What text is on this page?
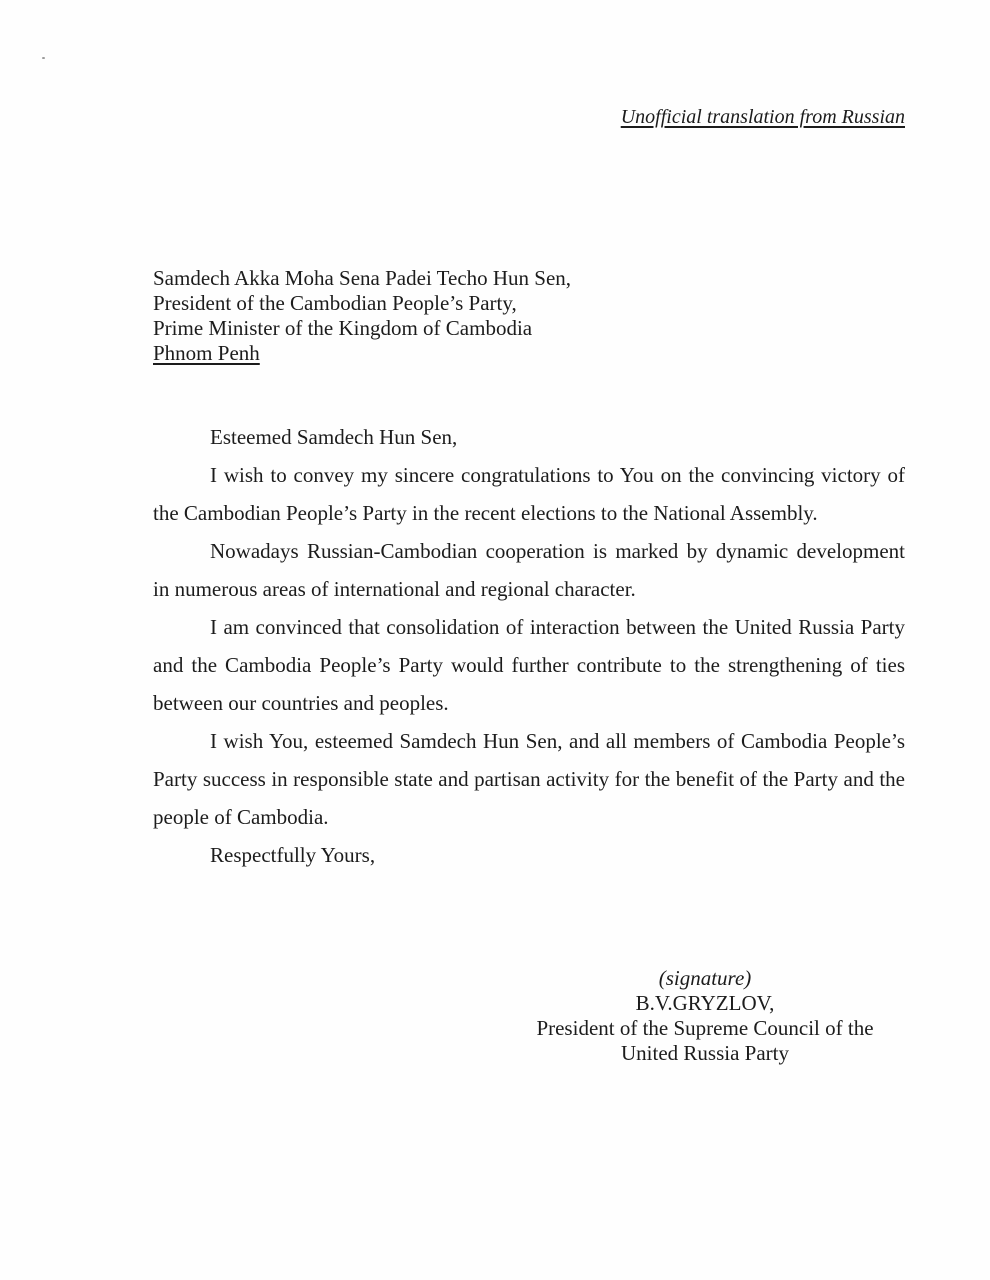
Unofficial translation from Russian
Samdech Akka Moha Sena Padei Techo Hun Sen,
President of the Cambodian People’s Party,
Prime Minister of the Kingdom of Cambodia
Phnom Penh

Esteemed Samdech Hun Sen,

I wish to convey my sincere congratulations to You on the convincing victory of the Cambodian People’s Party in the recent elections to the National Assembly.

Nowadays Russian-Cambodian cooperation is marked by dynamic development in numerous areas of international and regional character.

I am convinced that consolidation of interaction between the United Russia Party and the Cambodia People’s Party would further contribute to the strengthening of ties between our countries and peoples.

I wish You, esteemed Samdech Hun Sen, and all members of Cambodia People’s Party success in responsible state and partisan activity for the benefit of the Party and the people of Cambodia.

Respectfully Yours,

(signature)
B.V.GRYZLOV,
President of the Supreme Council of the
United Russia Party
